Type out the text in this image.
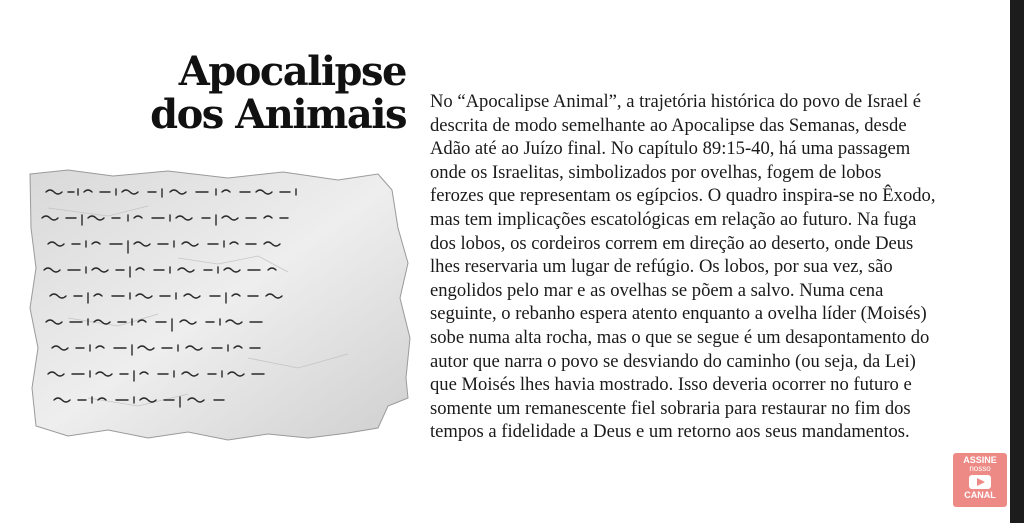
Apocalipse
dos Animais No “Apocalipse Animal”, a trajetória histórica do povo de Israel é
descrita de modo semelhante ao Apocalipse das Semanas, desde
Adão até ao Juízo final. No capítulo 89:15-40, há uma passagem
onde os Israelitas, simbolizados por ovelhas, fogem de lobos
ferozes que representam os egípcios. O quadro inspira-se no Êxodo,
mas tem implicações escatológicas em relação ao futuro. Na fuga
dos lobos, os cordeiros correm em direção ao deserto, onde Deus
lhes reservaria um lugar de refúgio. Os lobos, por sua vez, são
engolidos pelo mar e as ovelhas se põem a salvo. Numa cena
seguinte, o rebanho espera atento enquanto a ovelha líder (Moisés)
sobe numa alta rocha, mas o que se segue é um desapontamento do
autor que narra o povo se desviando do caminho (ou seja, da Lei)
que Moisés lhes havia mostrado. Isso deveria ocorrer no futuro e
somente um remanescente fiel sobraria para restaurar no fim dos
tempos a fidelidade a Deus e um retorno aos seus mandamentos.

ASSINE
nosso
CANAL
